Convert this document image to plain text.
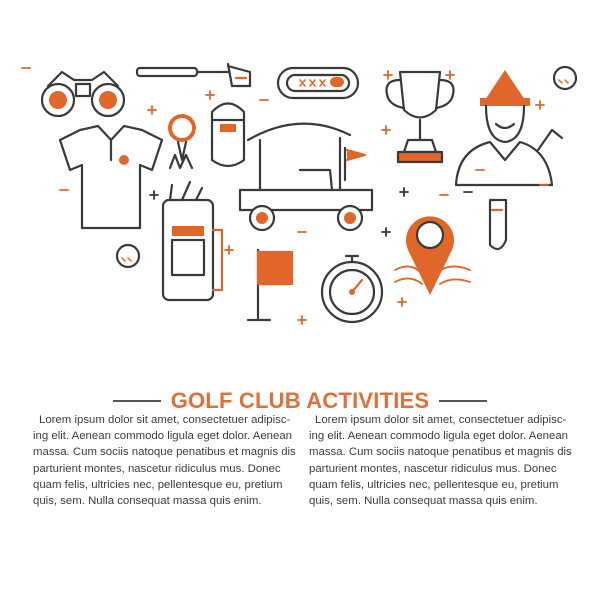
GOLF CLUB ACTIVITIES
Lorem ipsum dolor sit amet, consectetuer adipisc-
ing elit. Aenean commodo ligula eget dolor. Aenean
massa. Cum sociis natoque penatibus et magnis dis
parturient montes, nascetur ridiculus mus. Donec
quam felis, ultricies nec, pellentesque eu, pretium
quis, sem. Nulla consequat massa quis enim.
Lorem ipsum dolor sit amet, consectetuer adipisc-
ing elit. Aenean commodo ligula eget dolor. Aenean
massa. Cum sociis natoque penatibus et magnis dis
parturient montes, nascetur ridiculus mus. Donec
quam felis, ultricies nec, pellentesque eu, pretium
quis, sem. Nulla consequat massa quis enim.
